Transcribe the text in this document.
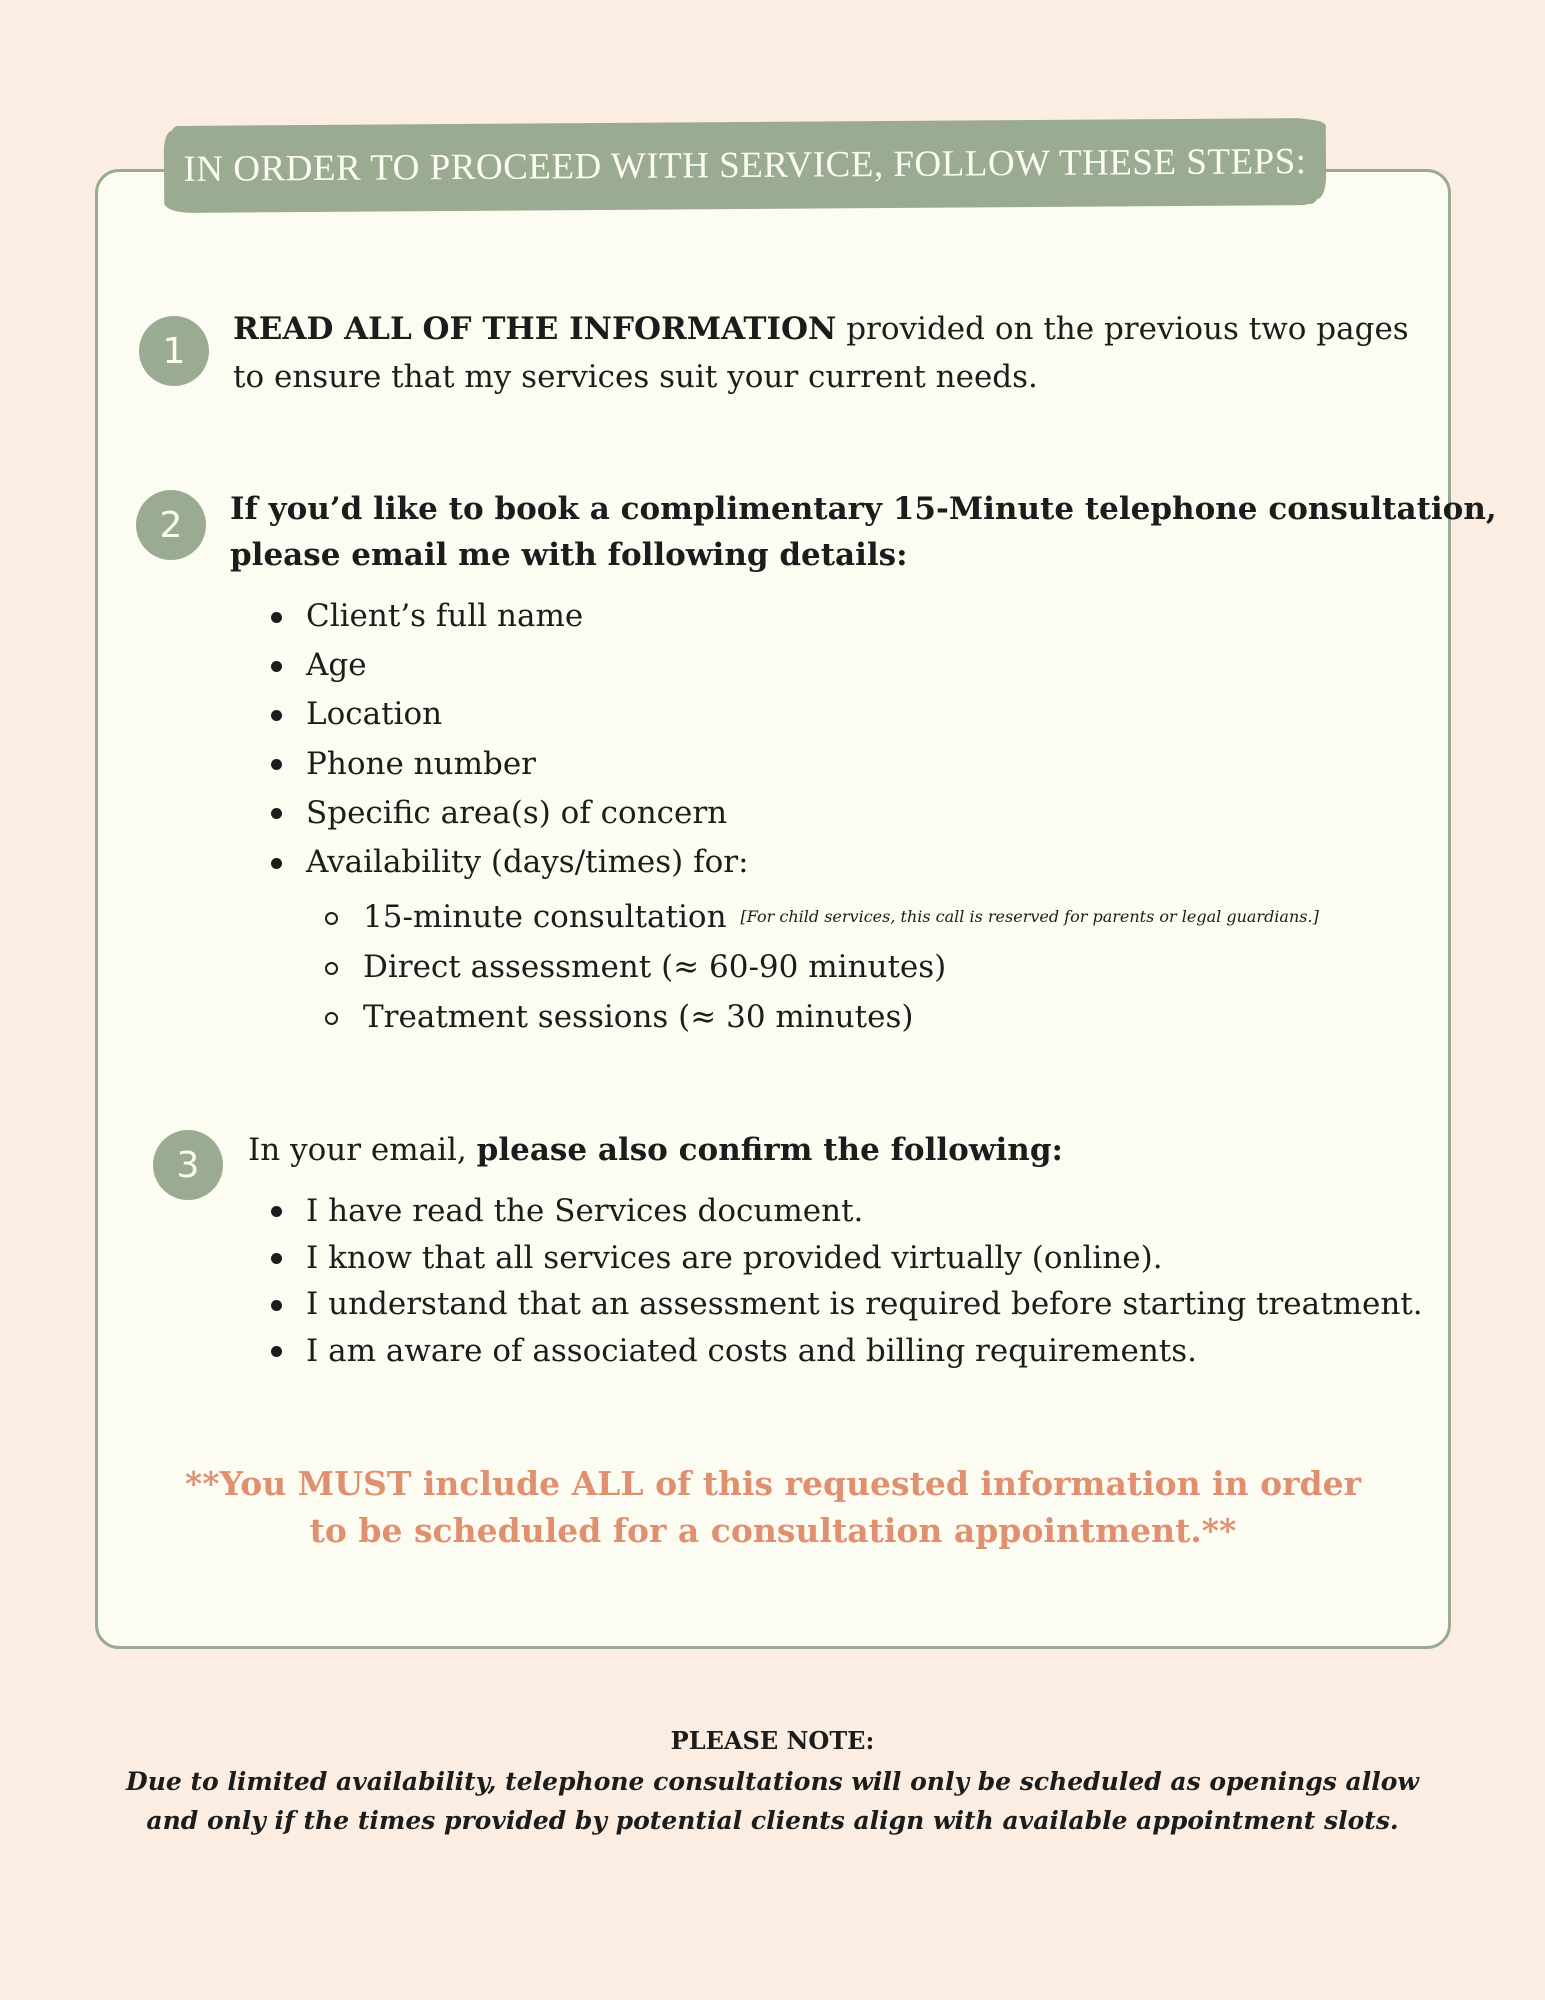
IN ORDER TO PROCEED WITH SERVICE, FOLLOW THESE STEPS:
1
READ ALL OF THE INFORMATION provided on the previous two pages
to ensure that my services suit your current needs.
2	If you’d like to book a complimentary 15-Minute telephone consultation,
please email me with following details:
Client’s full name
Age
Location
Phone number
Specific area(s) of concern
Availability (days/times) for:
15-minute consultation [For child services, this call is reserved for parents or legal guardians.]
Direct assessment (≈ 60-90 minutes)
Treatment sessions (≈ 30 minutes)
3	In your email, please also confirm the following:
I have read the Services document.
I know that all services are provided virtually (online).
I understand that an assessment is required before starting treatment.
I am aware of associated costs and billing requirements.
**You MUST include ALL of this requested information in order
to be scheduled for a consultation appointment.**
PLEASE NOTE:
Due to limited availability, telephone consultations will only be scheduled as openings allow
and only if the times provided by potential clients align with available appointment slots.
